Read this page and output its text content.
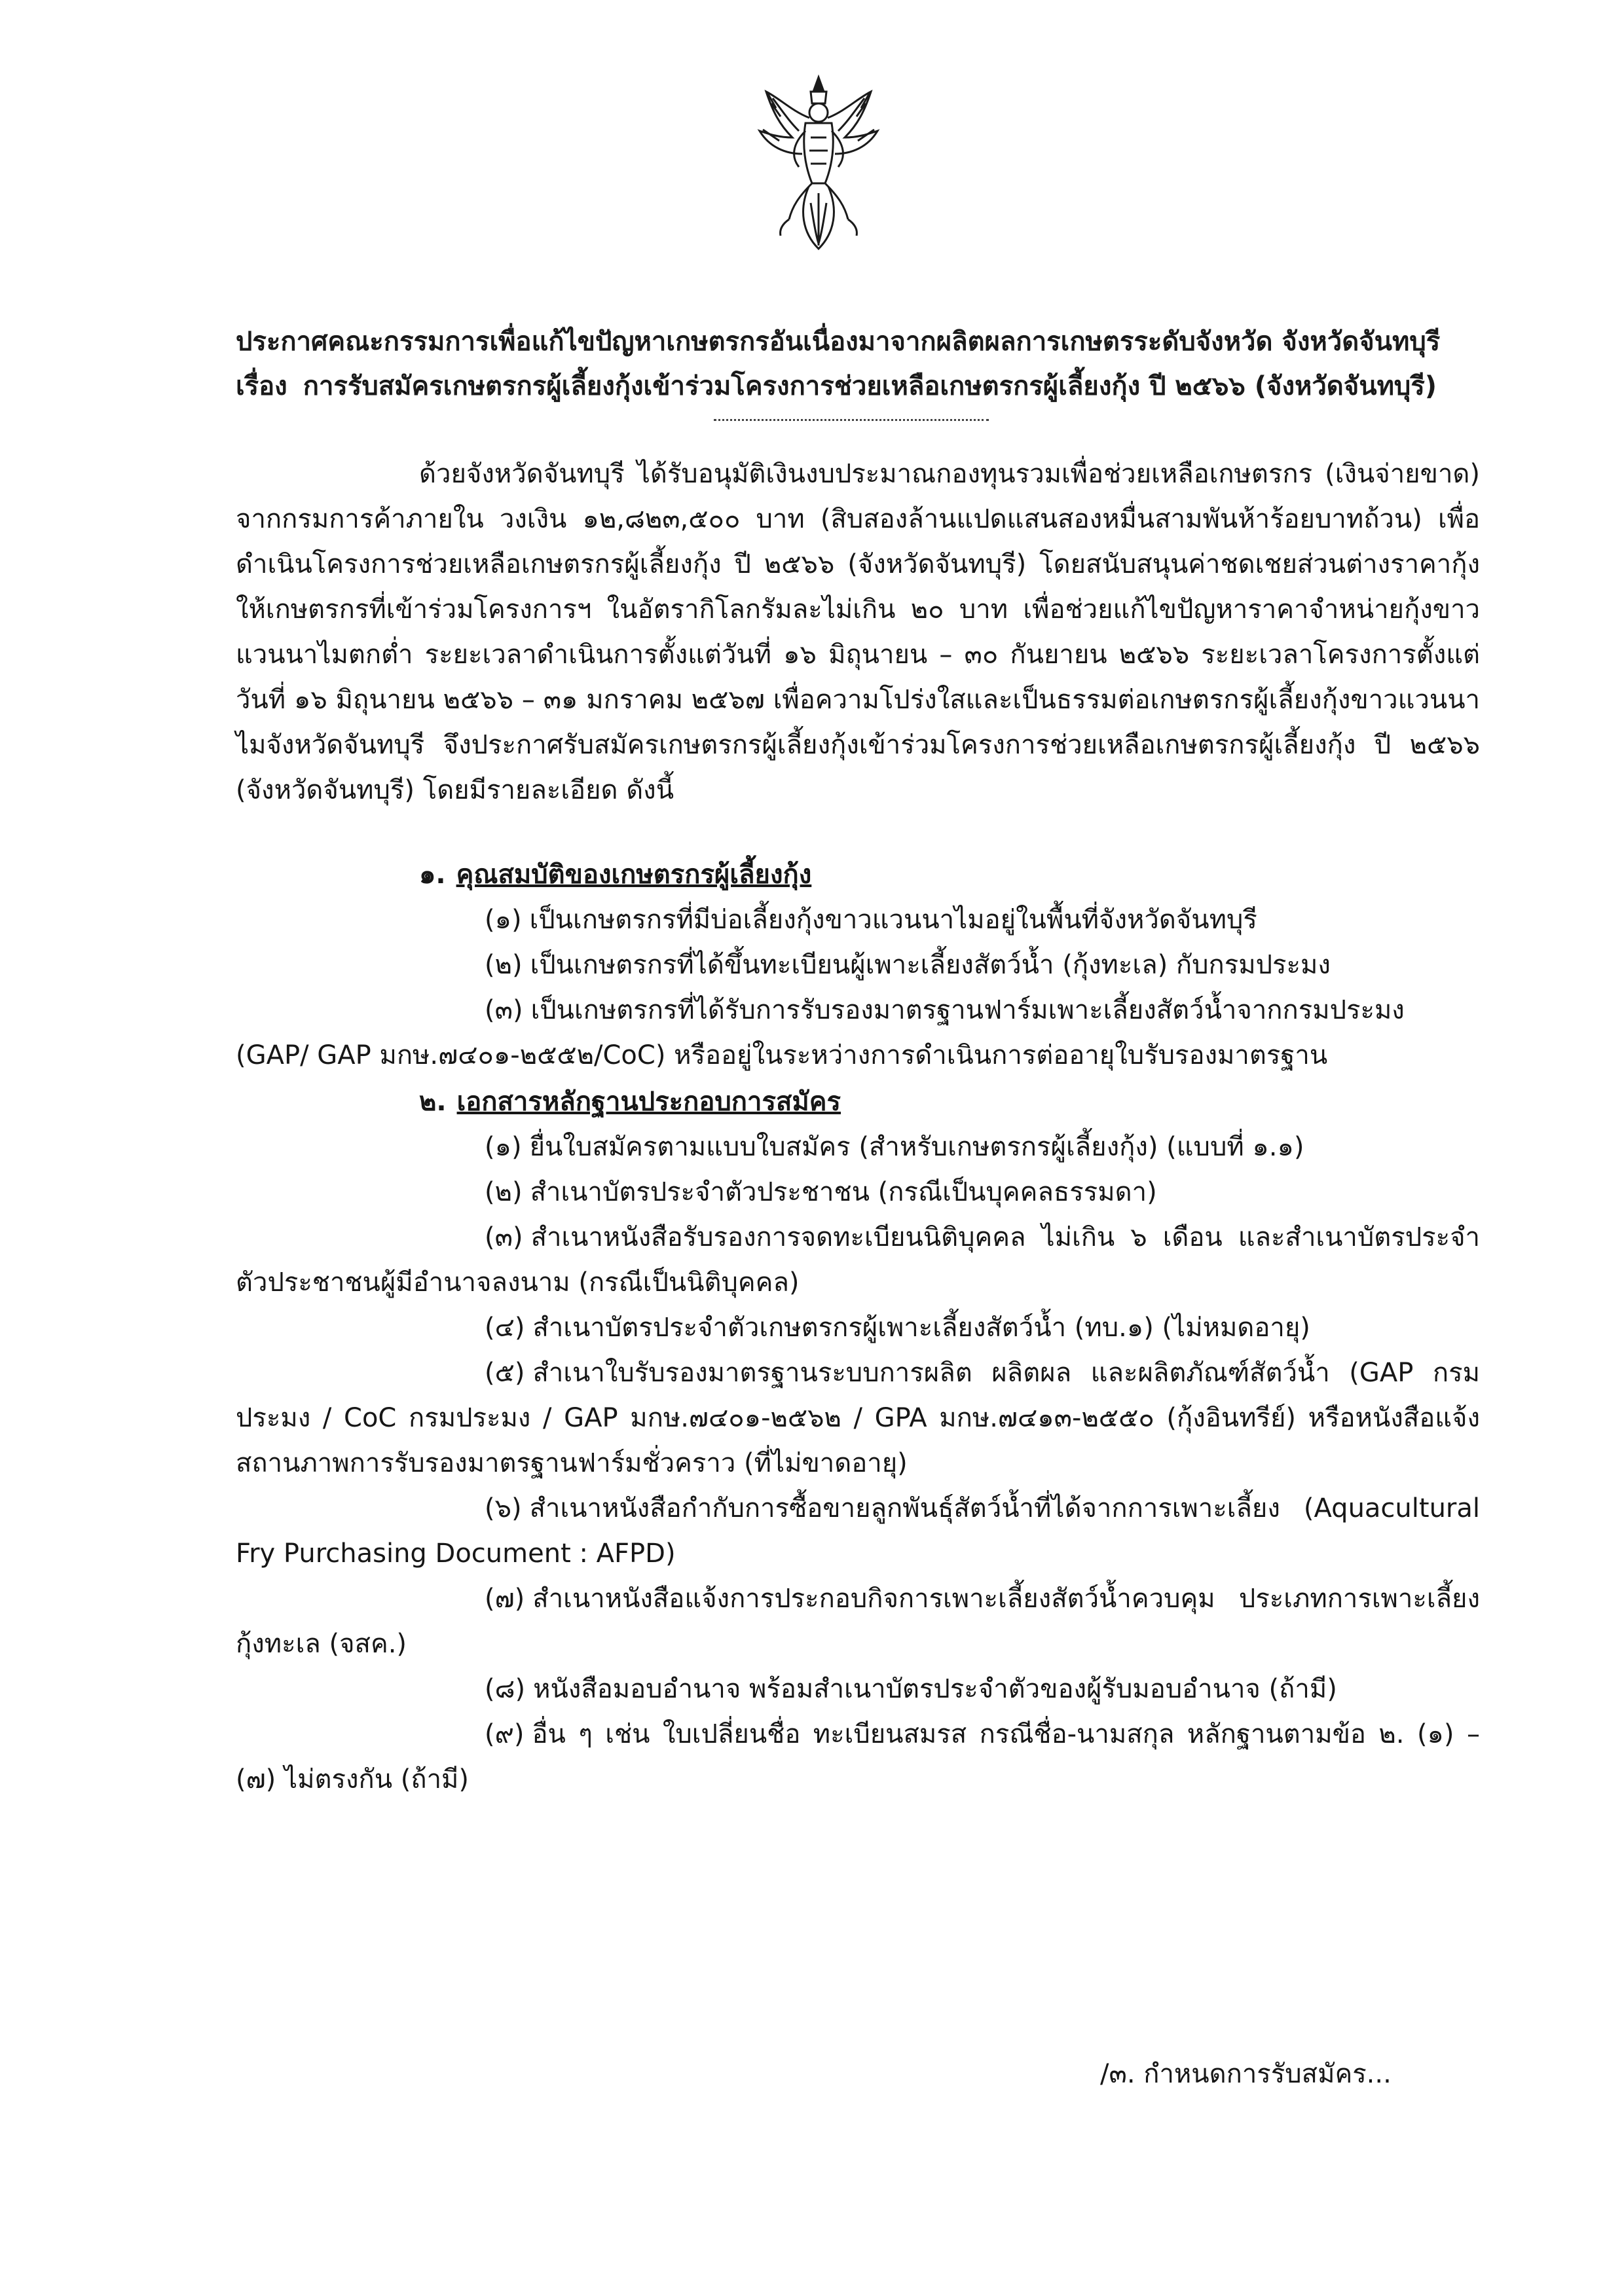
ประกาศคณะกรรมการเพื่อแก้ไขปัญหาเกษตรกรอันเนื่องมาจากผลิตผลการเกษตรระดับจังหวัด จังหวัดจันทบุรี
เรื่อง การรับสมัครเกษตรกรผู้เลี้ยงกุ้งเข้าร่วมโครงการช่วยเหลือเกษตรกรผู้เลี้ยงกุ้ง ปี ๒๕๖๖ (จังหวัดจันทบุรี)
ด้วยจังหวัดจันทบุรี ได้รับอนุมัติเงินงบประมาณกองทุนรวมเพื่อช่วยเหลือเกษตรกร (เงินจ่ายขาด) จากกรมการค้าภายใน วงเงิน ๑๒,๘๒๓,๕๐๐ บาท (สิบสองล้านแปดแสนสองหมื่นสามพันห้าร้อยบาทถ้วน) เพื่อดำเนินโครงการช่วยเหลือเกษตรกรผู้เลี้ยงกุ้ง ปี ๒๕๖๖ (จังหวัดจันทบุรี) โดยสนับสนุนค่าชดเชยส่วนต่างราคากุ้งให้เกษตรกรที่เข้าร่วมโครงการฯ ในอัตรากิโลกรัมละไม่เกิน ๒๐ บาท เพื่อช่วยแก้ไขปัญหาราคาจำหน่ายกุ้งขาวแวนนาไมตกต่ำ ระยะเวลาดำเนินการตั้งแต่วันที่ ๑๖ มิถุนายน – ๓๐ กันยายน ๒๕๖๖ ระยะเวลาโครงการตั้งแต่วันที่ ๑๖ มิถุนายน ๒๕๖๖ – ๓๑ มกราคม ๒๕๖๗ เพื่อความโปร่งใสและเป็นธรรมต่อเกษตรกรผู้เลี้ยงกุ้งขาวแวนนาไมจังหวัดจันทบุรี จึงประกาศรับสมัครเกษตรกรผู้เลี้ยงกุ้งเข้าร่วมโครงการช่วยเหลือเกษตรกรผู้เลี้ยงกุ้ง ปี ๒๕๖๖ (จังหวัดจันทบุรี) โดยมีรายละเอียด ดังนี้
๑. คุณสมบัติของเกษตรกรผู้เลี้ยงกุ้ง
(๑) เป็นเกษตรกรที่มีบ่อเลี้ยงกุ้งขาวแวนนาไมอยู่ในพื้นที่จังหวัดจันทบุรี
(๒) เป็นเกษตรกรที่ได้ขึ้นทะเบียนผู้เพาะเลี้ยงสัตว์น้ำ (กุ้งทะเล) กับกรมประมง
(๓) เป็นเกษตรกรที่ได้รับการรับรองมาตรฐานฟาร์มเพาะเลี้ยงสัตว์น้ำจากกรมประมง (GAP/ GAP มกษ.๗๔๐๑-๒๕๕๒/CoC) หรืออยู่ในระหว่างการดำเนินการต่ออายุใบรับรองมาตรฐาน
๒. เอกสารหลักฐานประกอบการสมัคร
(๑) ยื่นใบสมัครตามแบบใบสมัคร (สำหรับเกษตรกรผู้เลี้ยงกุ้ง) (แบบที่ ๑.๑)
(๒) สำเนาบัตรประจำตัวประชาชน (กรณีเป็นบุคคลธรรมดา)
(๓) สำเนาหนังสือรับรองการจดทะเบียนนิติบุคคล ไม่เกิน ๖ เดือน และสำเนาบัตรประจำตัวประชาชนผู้มีอำนาจลงนาม (กรณีเป็นนิติบุคคล)
(๔) สำเนาบัตรประจำตัวเกษตรกรผู้เพาะเลี้ยงสัตว์น้ำ (ทบ.๑) (ไม่หมดอายุ)
(๕) สำเนาใบรับรองมาตรฐานระบบการผลิต ผลิตผล และผลิตภัณฑ์สัตว์น้ำ (GAP กรมประมง / CoC กรมประมง / GAP มกษ.๗๔๐๑-๒๕๖๒ / GPA มกษ.๗๔๑๓-๒๕๕๐ (กุ้งอินทรีย์) หรือหนังสือแจ้งสถานภาพการรับรองมาตรฐานฟาร์มชั่วคราว (ที่ไม่ขาดอายุ)
(๖) สำเนาหนังสือกำกับการซื้อขายลูกพันธุ์สัตว์น้ำที่ได้จากการเพาะเลี้ยง (Aquacultural Fry Purchasing Document : AFPD)
(๗) สำเนาหนังสือแจ้งการประกอบกิจการเพาะเลี้ยงสัตว์น้ำควบคุม ประเภทการเพาะเลี้ยงกุ้งทะเล (จสค.)
(๘) หนังสือมอบอำนาจ พร้อมสำเนาบัตรประจำตัวของผู้รับมอบอำนาจ (ถ้ามี)
(๙) อื่น ๆ เช่น ใบเปลี่ยนชื่อ ทะเบียนสมรส กรณีชื่อ-นามสกุล หลักฐานตามข้อ ๒. (๑) – (๗) ไม่ตรงกัน (ถ้ามี)
/๓. กำหนดการรับสมัคร...
